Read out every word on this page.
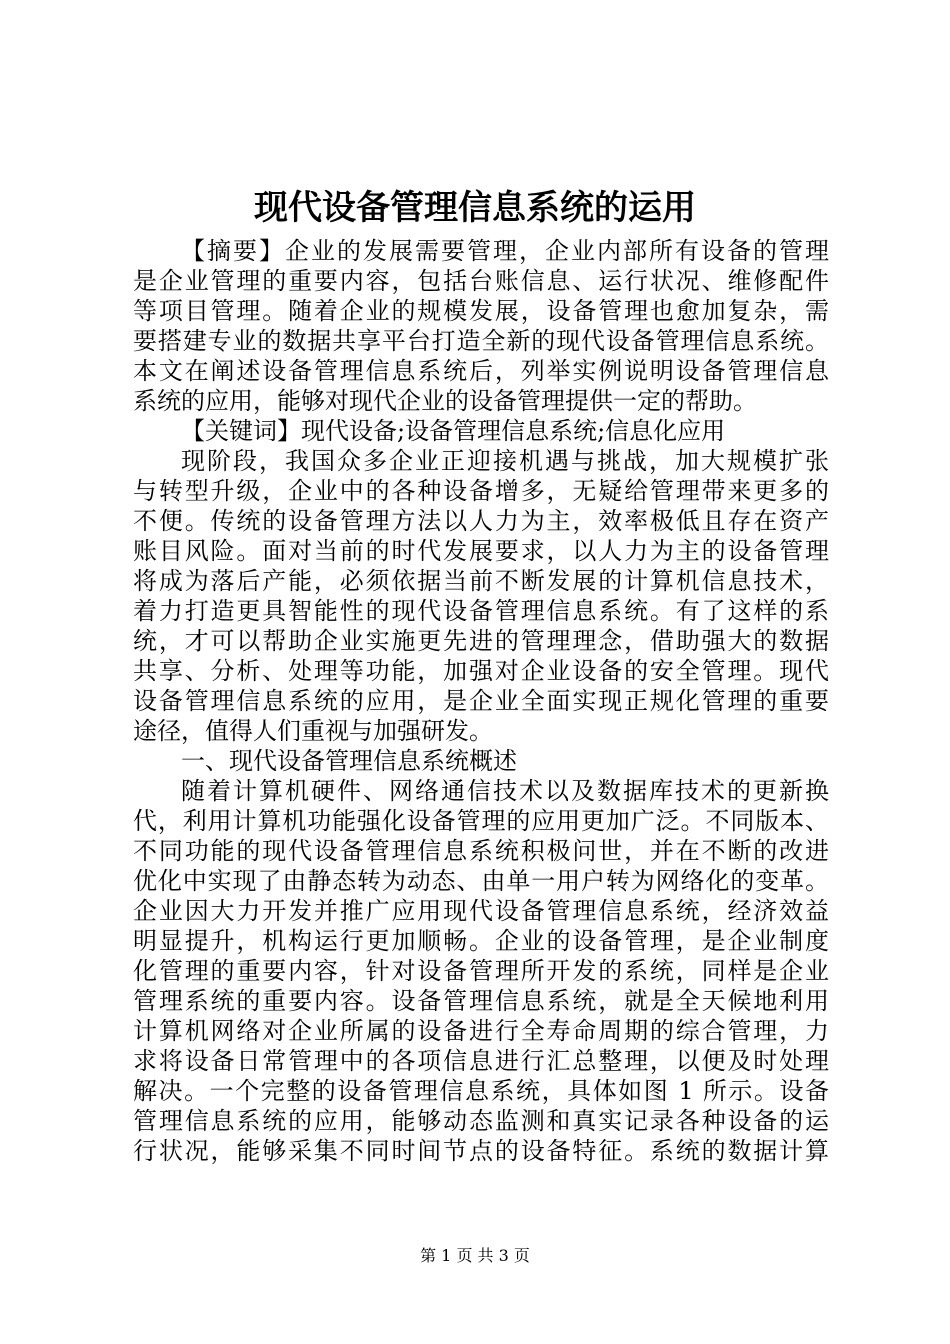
现代设备管理信息系统的运用
【摘要】企业的发展需要管理，企业内部所有设备的管理
是企业管理的重要内容，包括台账信息、运行状况、维修配件
等项目管理。随着企业的规模发展，设备管理也愈加复杂，需
要搭建专业的数据共享平台打造全新的现代设备管理信息系统。
本文在阐述设备管理信息系统后，列举实例说明设备管理信息
系统的应用，能够对现代企业的设备管理提供一定的帮助。
【关键词】现代设备;设备管理信息系统;信息化应用
现阶段，我国众多企业正迎接机遇与挑战，加大规模扩张
与转型升级，企业中的各种设备增多，无疑给管理带来更多的
不便。传统的设备管理方法以人力为主，效率极低且存在资产
账目风险。面对当前的时代发展要求，以人力为主的设备管理
将成为落后产能，必须依据当前不断发展的计算机信息技术，
着力打造更具智能性的现代设备管理信息系统。有了这样的系
统，才可以帮助企业实施更先进的管理理念，借助强大的数据
共享、分析、处理等功能，加强对企业设备的安全管理。现代
设备管理信息系统的应用，是企业全面实现正规化管理的重要
途径，值得人们重视与加强研发。
一、现代设备管理信息系统概述
随着计算机硬件、网络通信技术以及数据库技术的更新换
代，利用计算机功能强化设备管理的应用更加广泛。不同版本、
不同功能的现代设备管理信息系统积极问世，并在不断的改进
优化中实现了由静态转为动态、由单一用户转为网络化的变革。
企业因大力开发并推广应用现代设备管理信息系统，经济效益
明显提升，机构运行更加顺畅。企业的设备管理，是企业制度
化管理的重要内容，针对设备管理所开发的系统，同样是企业
管理系统的重要内容。设备管理信息系统，就是全天候地利用
计算机网络对企业所属的设备进行全寿命周期的综合管理，力
求将设备日常管理中的各项信息进行汇总整理，以便及时处理
解决。一个完整的设备管理信息系统，具体如图 1 所示。设备
管理信息系统的应用，能够动态监测和真实记录各种设备的运
行状况，能够采集不同时间节点的设备特征。系统的数据计算
第 1 页 共 3 页
